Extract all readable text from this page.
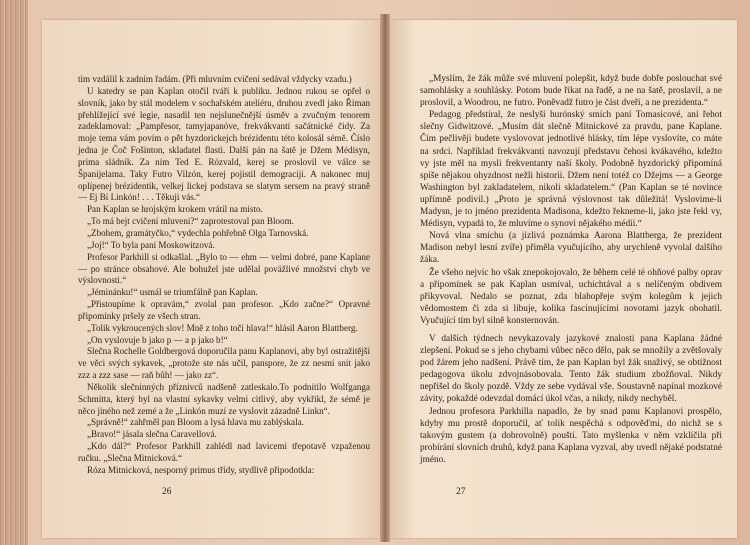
tim vzdálil k zadním řadám. (Při mluvním cvičení sedával vždycky vzadu.)

U katedry se pan Kaplan otočil tváří k publiku. Jednou rukou se opřel o slovník, jako by stál modelem v sochařském ateliéru, druhou zvedl jako Říman přehlížející své legie, nasadil ten nejslunečnější úsměv a zvučným tenorem zadeklamoval: „Pampřesor, tamyjapanóve, frekvákvantí sačátnické čidy. Za moje tema vám povím o pět hyzdorickejch brézidentu této kolosál sémě. Číslo jedna je Čoč Fošinton, skladatel flasti. Další pán na šatě je Džem Médisyn, prima sládník. Za ním Ted E. Rózvald, kerej se proslovil ve válce se Španijelama. Taky Futro Vilzón, kerej pojistil demograciji. A nakonec muj oplípenej brézidentik, velkej lickej podstava se slatym sersem na pravý straně — Ej Bí Linkón! . . . Těkuji vás.“

Pan Kaplan se hrojským krokem vrátil na místo.

„To má bejt cvičení mluveni?“ zaprotestoval pan Bloom.

„Zbohem, gramátyčko,“ vydechla pohřebně Olga Tarnovská.

„Joj!“ To byla paní Moskowitzová.

Profesor Parkhill si odkašlal. „Bylo to — ehm — velmi dobré, pane Kaplane — po stránce obsahové. Ale bohužel jste udělal poväžlivé množství chyb ve výslovnosti.“

„Jéminánku!“ usmál se triumfálně pan Kaplan.

„Přistoupíme k opravám,“ zvolal pan profesor. „Kdo začne?“ Opravné připomínky pršely ze všech stran.

„Tolik vykroucených slov! Mně z toho točí hlava!“ hlásil Aaron Blattberg.

„On vyslovuje b jako p — a p jako b!“

Slečna Rochelle Goldbergová doporučila panu Kaplanovi, aby byl ostražitější ve věci svých sykavek, „protože ste nás učil, panspore, že zz nesmí snít jako zzz a zzz sase — raň bůh! — jako zz“.

Několik slečninných příznivců nadšeně zatleskalo.To podnítilo Wolfganga Schmitta, který byl na vlastní sykavky velmi citlivý, aby vykřikl, že sémě je něco jiného než zemé a že „Linkón muzí ze vyslovit zázadně Linkn“.

„Správně!“ zahřměl pan Bloom a lysá hlava mu zablýskala.

„Bravo!“ jásala slečna Caravellová.

„Kdo dál?“ Profesor Parkhill zahlédl nad lavicemi třepotavě vzpaženou ručku. „Slečna Mitnicková.“

Róza Mitnicková, nesporný primus třídy, stydlivě připodotkla:

„Myslím, že žák může své mluvení polepšit, když bude dobře poslouchat své samohlásky a souhlásky. Potom bude říkat na řadě, a ne na šatě, proslavil, a ne proslovil, a Woodrou, ne futro. Poněvadž futro je část dveří, a ne prezidenta.“

Pedagog předstíral, že neslyší hurónský smích paní Tomasicové, ani řehot slečny Gidwitzové. „Musím dát slečně Mitnickové za pravdu, pane Kaplane. Čím pečlivěji budete vyslovovat jednotlivé hlásky, tím lépe vyslovíte, co máte na srdci. Například frekvákvantí navozují představu čehosi kvákavého, kdežto vy jste měl na mysli frekventanty naší školy. Podobně hyzdorický připomíná spíše nějakou ohyzdnost nežli historii. Džem není totéž co Džejms — a George Washington byl zakladatelem, nikoli skladatelem.“ (Pan Kaplan se té novince upřímně podivil.) „Proto je správná výslovnost tak důležitá! Vyslovíme-li Madysn, je to jméno prezidenta Madisona, kdežto řekneme-li, jako jste řekl vy, Médisyn, vypadá to, že mluvíme o synovi nějakého médii.“

Nová vlna smíchu (a jízlivá poznámka Aarona Blattberga, že prezident Madison nebyl lesní zvíře) přiměla vyučujícího, aby urychleně vyvolal dalšího žáka.

Že všeho nejvíc ho však znepokojovalo, že během celé té ohňové palby oprav a připomínek se pak Kaplan usmíval, uchichtával a s nelíčeným obdivem přikyvoval. Nedalo se poznat, zda blahopřeje svým kolegům k jejich vědomostem či zda si libuje, kolika fascinujícími novotami jazyk obohatil. Vyučující tím byl silně konsternován.

V dalších týdnech nevykazovaly jazykové znalosti pana Kaplana žádné zlepšení. Pokud se s jeho chybami vůbec něco dělo, pak se množily a zvětšovaly pod žárem jeho nadšení. Právě tím, že pan Kaplan byl žák snaživý, se obtížnost pedagogova úkolu zdvojnásobovala. Tento žák studium zbožňoval. Nikdy nepřišel do školy pozdě. Vždy ze sebe vydával vše. Soustavně napínal mozkové závity, pokaždé odevzdal domácí úkol včas, a nikdy, nikdy nechyběl.

Jednou profesora Parkhilla napadlo, že by snad panu Kaplanovi prospělo, kdyby mu prostě doporučil, ať tolik nespěchá s odpověďmi, do nichž se s takovým gustem (a dobrovolně) pouští. Tato myšlenka v něm vzklíčila při probírání slovních druhů, když pana Kaplana vyzval, aby uvedl nějaké podstatné jméno.

26	27
